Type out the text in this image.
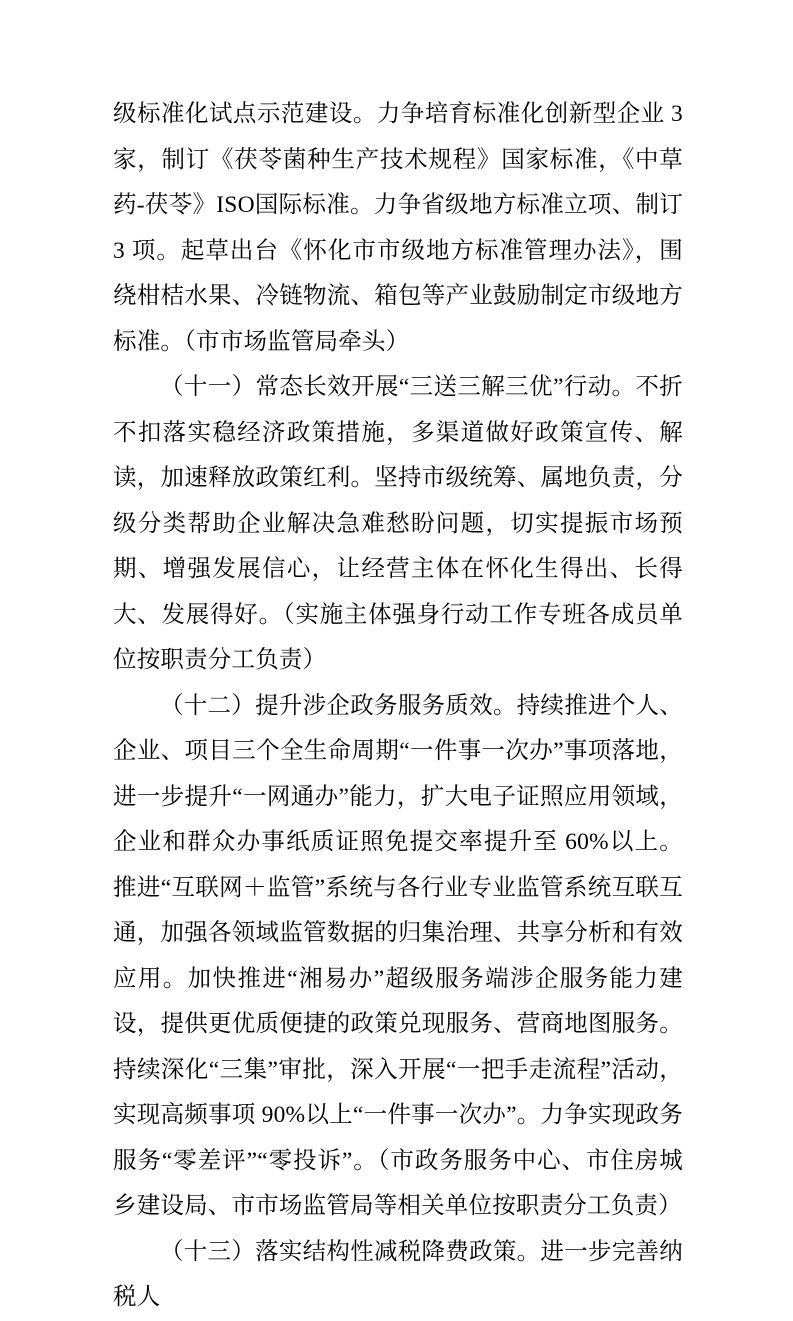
级标准化试点示范建设。力争培育标准化创新型企业 3 家，制订《茯苓菌种生产技术规程》国家标准，《中草药-茯苓》ISO国际标准。力争省级地方标准立项、制订 3 项。起草出台《怀化市市级地方标准管理办法》，围绕柑桔水果、冷链物流、箱包等产业鼓励制定市级地方标准。（市市场监管局牵头）

（十一）常态长效开展“三送三解三优”行动。不折不扣落实稳经济政策措施，多渠道做好政策宣传、解读，加速释放政策红利。坚持市级统筹、属地负责，分级分类帮助企业解决急难愁盼问题，切实提振市场预期、增强发展信心，让经营主体在怀化生得出、长得大、发展得好。（实施主体强身行动工作专班各成员单位按职责分工负责）

（十二）提升涉企政务服务质效。持续推进个人、企业、项目三个全生命周期“一件事一次办”事项落地，进一步提升“一网通办”能力，扩大电子证照应用领域，企业和群众办事纸质证照免提交率提升至 60%以上。推进“互联网＋监管”系统与各行业专业监管系统互联互通，加强各领域监管数据的归集治理、共享分析和有效应用。加快推进“湘易办”超级服务端涉企服务能力建设，提供更优质便捷的政策兑现服务、营商地图服务。持续深化“三集”审批，深入开展“一把手走流程”活动，实现高频事项 90%以上“一件事一次办”。力争实现政务服务“零差评”“零投诉”。（市政务服务中心、市住房城乡建设局、市市场监管局等相关单位按职责分工负责）

（十三）落实结构性减税降费政策。进一步完善纳税人
